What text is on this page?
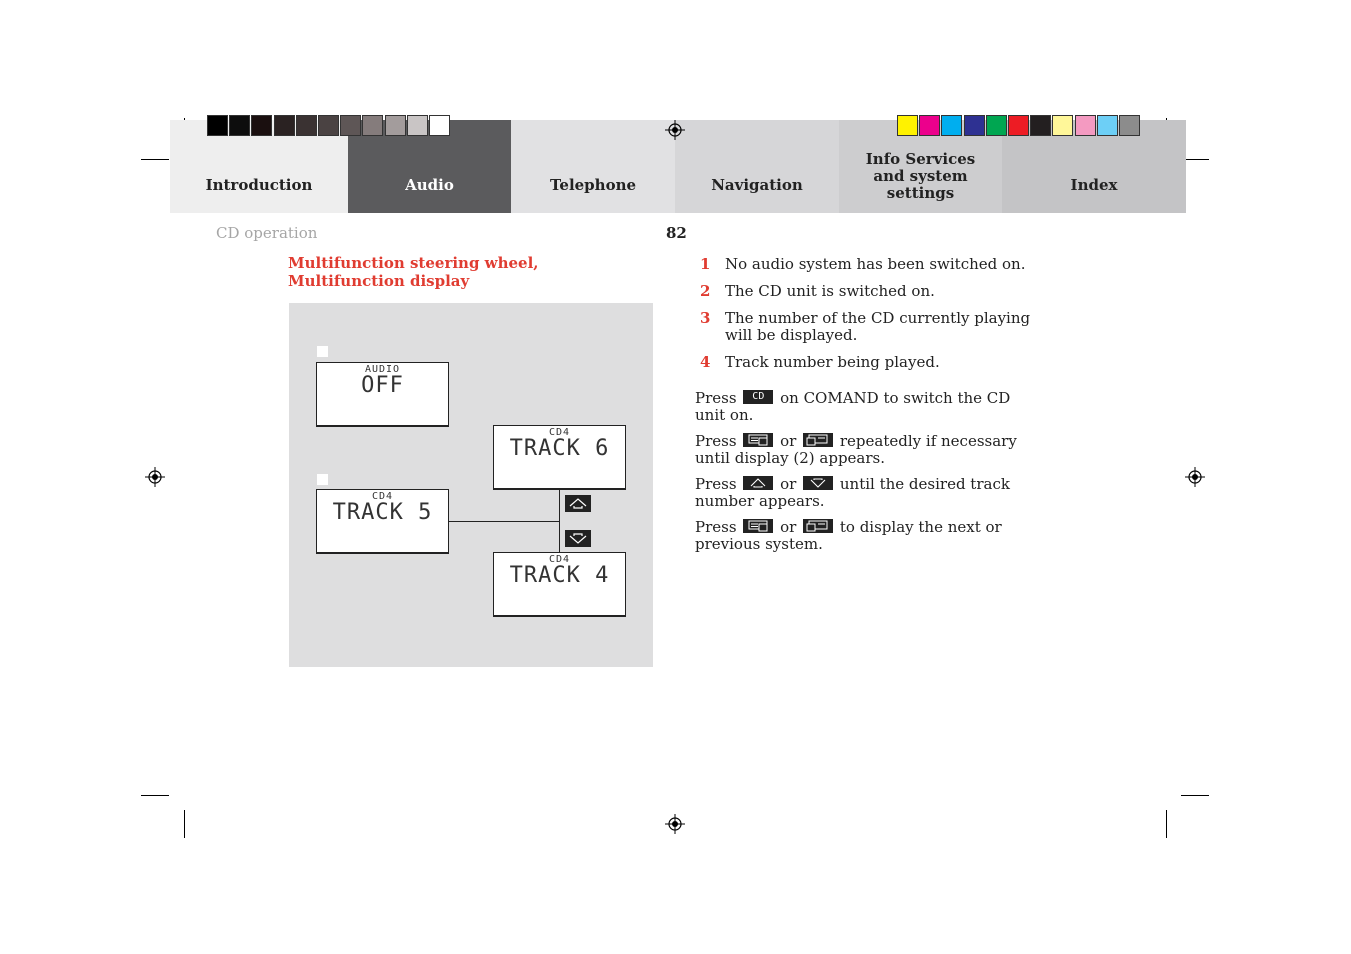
Introduction	Audio	Telephone	Navigation
Info Services and system settings	Index
CD operation	82
Multifunction steering wheel, Multifunction display
AUDIO
OFF
CD4
TRACK 6
CD4
TRACK 5
CD4
TRACK 4
1 No audio system has been switched on.
2 The CD unit is switched on.
3 The number of the CD currently playing will be displayed.
4 Track number being played.

Press CD on COMAND to switch the CD unit on.

Press	or	repeatedly if necessary until display (2) appears.

Press	or	until the desired track number appears.

Press	or	to display the next or previous system.
